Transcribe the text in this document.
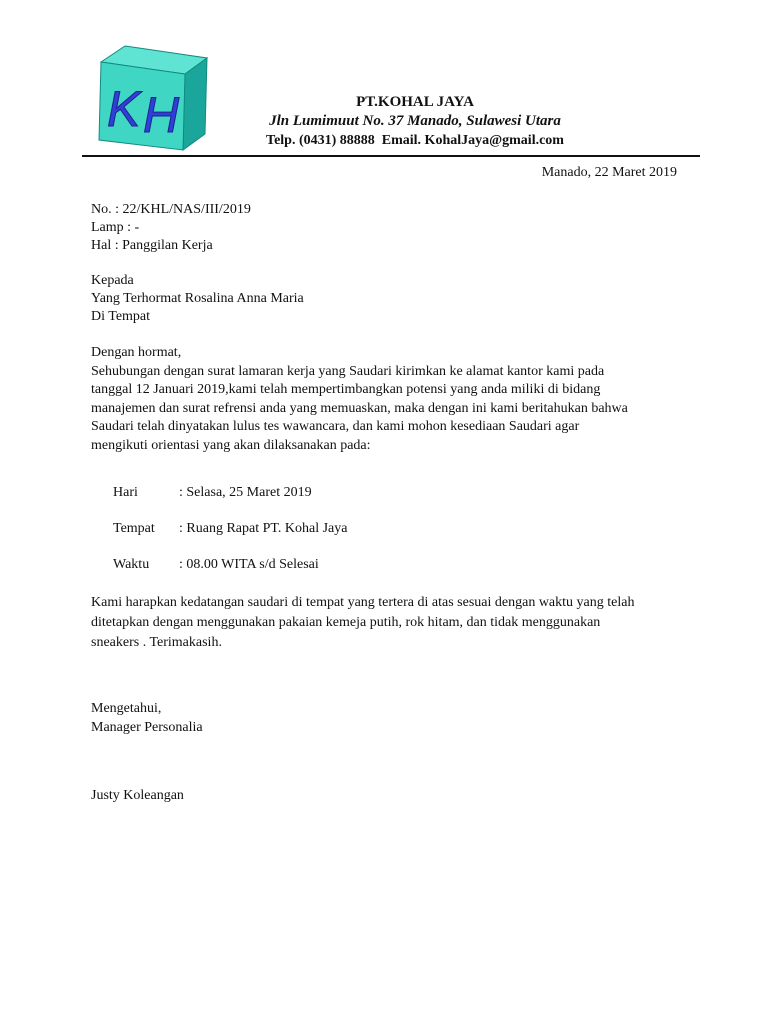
K H	PT.KOHAL JAYA
Jln Lumimuut No. 37 Manado, Sulawesi Utara
Telp. (0431) 88888  Email. KohalJaya@gmail.com
Manado, 22 Maret 2019
No. : 22/KHL/NAS/III/2019
Lamp : -
Hal : Panggilan Kerja
Kepada
Yang Terhormat Rosalina Anna Maria
Di Tempat
Dengan hormat,
Sehubungan dengan surat lamaran kerja yang Saudari kirimkan ke alamat kantor kami pada
tanggal 12 Januari 2019,kami telah mempertimbangkan potensi yang anda miliki di bidang
manajemen dan surat refrensi anda yang memuaskan, maka dengan ini kami beritahukan bahwa
Saudari telah dinyatakan lulus tes wawancara, dan kami mohon kesediaan Saudari agar
mengikuti orientasi yang akan dilaksanakan pada:
Hari	: Selasa, 25 Maret 2019
Tempat : Ruang Rapat PT. Kohal Jaya
Waktu : 08.00 WITA s/d Selesai
Kami harapkan kedatangan saudari di tempat yang tertera di atas sesuai dengan waktu yang telah
ditetapkan dengan menggunakan pakaian kemeja putih, rok hitam, dan tidak menggunakan
sneakers . Terimakasih.
Mengetahui,
Manager Personalia
Justy Koleangan
